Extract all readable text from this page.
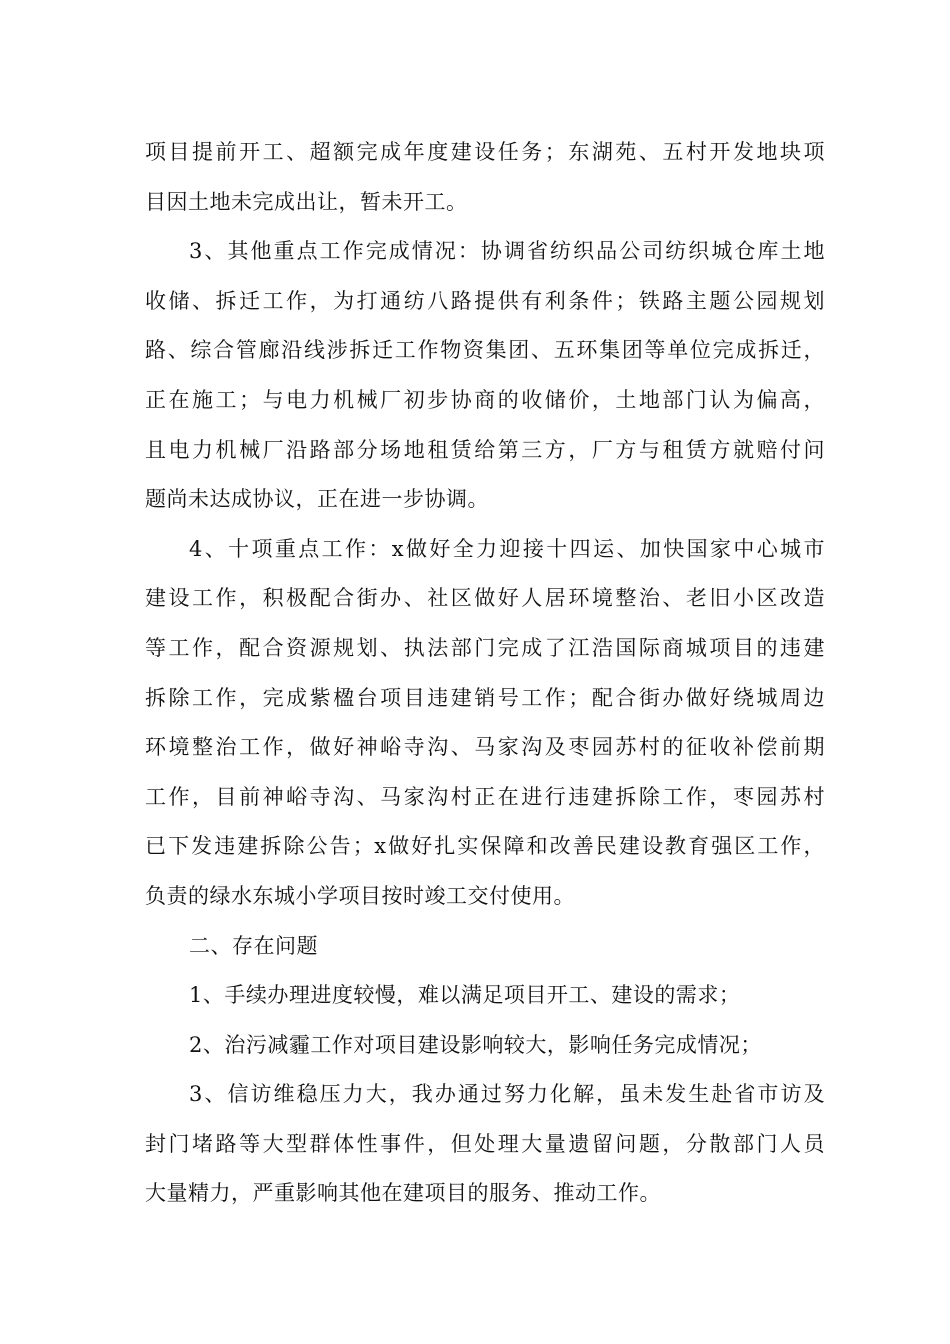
项目提前开工、超额完成年度建设任务；东湖苑、五村开发地块项
目因土地未完成出让，暂未开工。
3、其他重点工作完成情况：协调省纺织品公司纺织城仓库土地
收储、拆迁工作，为打通纺八路提供有利条件；铁路主题公园规划
路、综合管廊沿线涉拆迁工作物资集团、五环集团等单位完成拆迁，
正在施工；与电力机械厂初步协商的收储价，土地部门认为偏高，
且电力机械厂沿路部分场地租赁给第三方，厂方与租赁方就赔付问
题尚未达成协议，正在进一步协调。
4、十项重点工作：x做好全力迎接十四运、加快国家中心城市
建设工作，积极配合街办、社区做好人居环境整治、老旧小区改造
等工作，配合资源规划、执法部门完成了江浩国际商城项目的违建
拆除工作，完成紫楹台项目违建销号工作；配合街办做好绕城周边
环境整治工作，做好神峪寺沟、马家沟及枣园苏村的征收补偿前期
工作，目前神峪寺沟、马家沟村正在进行违建拆除工作，枣园苏村
已下发违建拆除公告；x做好扎实保障和改善民建设教育强区工作，
负责的绿水东城小学项目按时竣工交付使用。
二、存在问题
1、手续办理进度较慢，难以满足项目开工、建设的需求；
2、治污减霾工作对项目建设影响较大，影响任务完成情况；
3、信访维稳压力大，我办通过努力化解，虽未发生赴省市访及
封门堵路等大型群体性事件，但处理大量遗留问题，分散部门人员
大量精力，严重影响其他在建项目的服务、推动工作。
